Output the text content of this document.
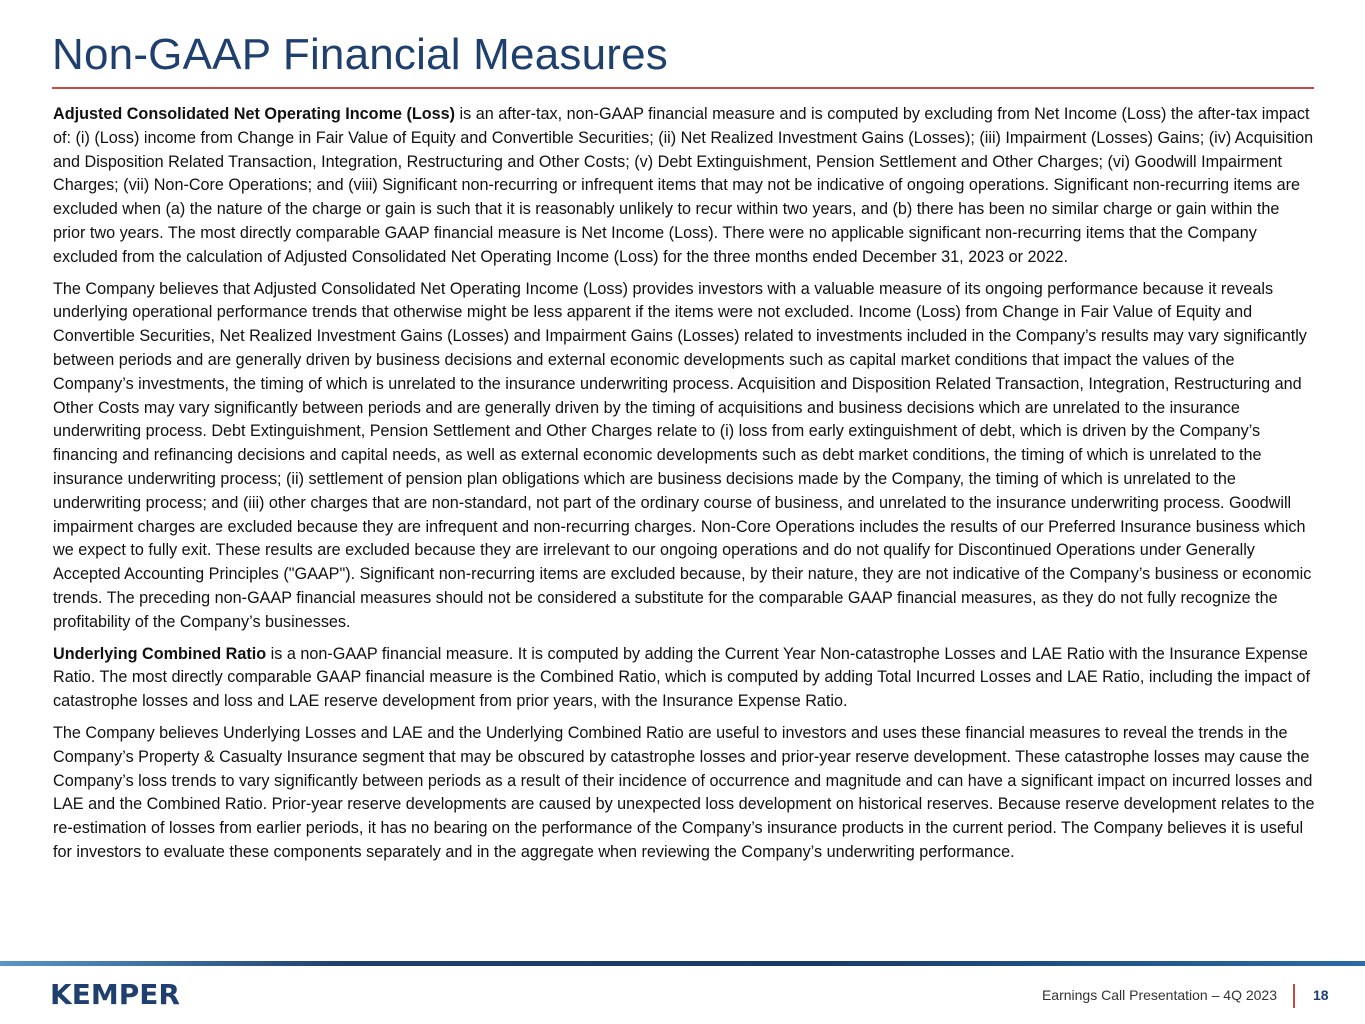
Non-GAAP Financial Measures

Adjusted Consolidated Net Operating Income (Loss) is an after-tax, non-GAAP financial measure and is computed by excluding from Net Income (Loss) the after-tax impact of: (i) (Loss) income from Change in Fair Value of Equity and Convertible Securities; (ii) Net Realized Investment Gains (Losses); (iii) Impairment (Losses) Gains; (iv) Acquisition and Disposition Related Transaction, Integration, Restructuring and Other Costs; (v) Debt Extinguishment, Pension Settlement and Other Charges; (vi) Goodwill Impairment Charges; (vii) Non-Core Operations; and (viii) Significant non-recurring or infrequent items that may not be indicative of ongoing operations. Significant non-recurring items are excluded when (a) the nature of the charge or gain is such that it is reasonably unlikely to recur within two years, and (b) there has been no similar charge or gain within the prior two years. The most directly comparable GAAP financial measure is Net Income (Loss). There were no applicable significant non-recurring items that the Company excluded from the calculation of Adjusted Consolidated Net Operating Income (Loss) for the three months ended December 31, 2023 or 2022.

The Company believes that Adjusted Consolidated Net Operating Income (Loss) provides investors with a valuable measure of its ongoing performance because it reveals underlying operational performance trends that otherwise might be less apparent if the items were not excluded. Income (Loss) from Change in Fair Value of Equity and Convertible Securities, Net Realized Investment Gains (Losses) and Impairment Gains (Losses) related to investments included in the Company’s results may vary significantly between periods and are generally driven by business decisions and external economic developments such as capital market conditions that impact the values of the Company’s investments, the timing of which is unrelated to the insurance underwriting process. Acquisition and Disposition Related Transaction, Integration, Restructuring and Other Costs may vary significantly between periods and are generally driven by the timing of acquisitions and business decisions which are unrelated to the insurance underwriting process. Debt Extinguishment, Pension Settlement and Other Charges relate to (i) loss from early extinguishment of debt, which is driven by the Company’s financing and refinancing decisions and capital needs, as well as external economic developments such as debt market conditions, the timing of which is unrelated to the insurance underwriting process; (ii) settlement of pension plan obligations which are business decisions made by the Company, the timing of which is unrelated to the underwriting process; and (iii) other charges that are non-standard, not part of the ordinary course of business, and unrelated to the insurance underwriting process. Goodwill impairment charges are excluded because they are infrequent and non-recurring charges. Non-Core Operations includes the results of our Preferred Insurance business which we expect to fully exit. These results are excluded because they are irrelevant to our ongoing operations and do not qualify for Discontinued Operations under Generally Accepted Accounting Principles ("GAAP"). Significant non-recurring items are excluded because, by their nature, they are not indicative of the Company’s business or economic trends. The preceding non-GAAP financial measures should not be considered a substitute for the comparable GAAP financial measures, as they do not fully recognize the profitability of the Company’s businesses.

Underlying Combined Ratio is a non-GAAP financial measure. It is computed by adding the Current Year Non-catastrophe Losses and LAE Ratio with the Insurance Expense Ratio. The most directly comparable GAAP financial measure is the Combined Ratio, which is computed by adding Total Incurred Losses and LAE Ratio, including the impact of catastrophe losses and loss and LAE reserve development from prior years, with the Insurance Expense Ratio.

The Company believes Underlying Losses and LAE and the Underlying Combined Ratio are useful to investors and uses these financial measures to reveal the trends in the Company’s Property & Casualty Insurance segment that may be obscured by catastrophe losses and prior-year reserve development. These catastrophe losses may cause the Company’s loss trends to vary significantly between periods as a result of their incidence of occurrence and magnitude and can have a significant impact on incurred losses and LAE and the Combined Ratio. Prior-year reserve developments are caused by unexpected loss development on historical reserves. Because reserve development relates to the re-estimation of losses from earlier periods, it has no bearing on the performance of the Company’s insurance products in the current period. The Company believes it is useful for investors to evaluate these components separately and in the aggregate when reviewing the Company’s underwriting performance.

KEMPER	Earnings Call Presentation – 4Q 2023	18
